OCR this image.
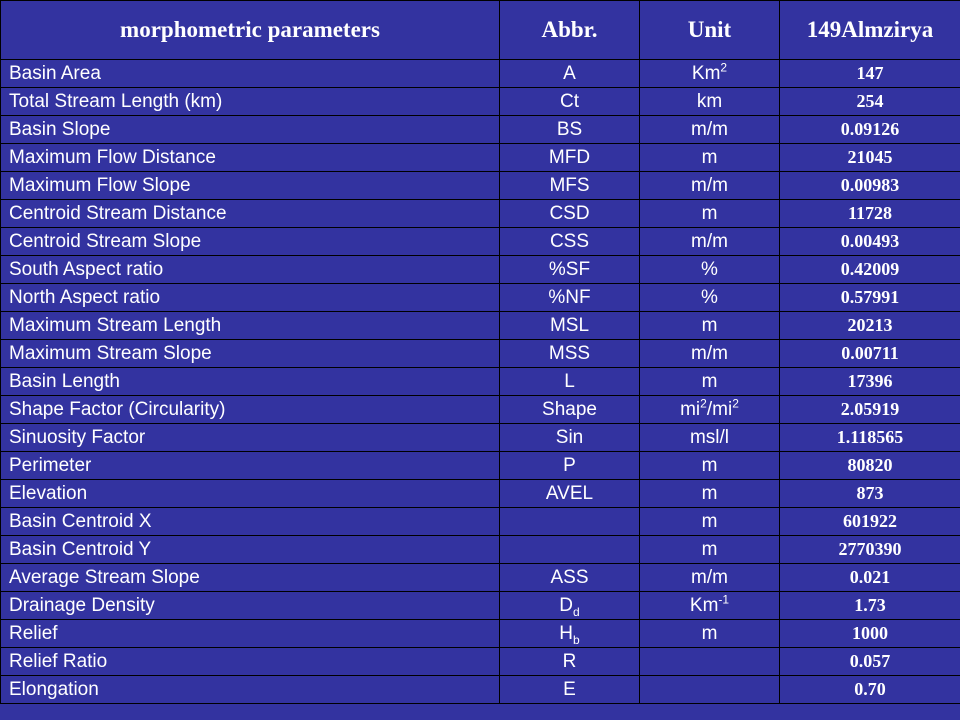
morphometric parameters	Abbr.	Unit	149Almzirya
Basin Area	A	Km$^2$	147
Total Stream Length (km)	Ct	km	254
Basin Slope	BS	m/m	0.09126
Maximum Flow Distance	MFD	m	21045
Maximum Flow Slope	MFS	m/m	0.00983
Centroid Stream Distance	CSD	m	11728
Centroid Stream Slope	CSS	m/m	0.00493
South Aspect ratio	%SF	%	0.42009
North Aspect ratio	%NF	%	0.57991
Maximum Stream Length	MSL	m	20213
Maximum Stream Slope	MSS	m/m	0.00711
Basin Length	L	m	17396
Shape Factor (Circularity)	Shape	$mi^2/mi^2$	2.05919
Sinuosity Factor	Sin	msl/l	1.118565
Perimeter	P	m	80820
Elevation	AVEL	m	873
Basin Centroid X		m	601922
Basin Centroid Y		m	2770390
Average Stream Slope	ASS	m/m	0.021
Drainage Density	$D_d$	$Km^{-1}$	1.73
Relief	$H_b$	m	1000
Relief Ratio	R		0.057
Elongation	E		0.70
